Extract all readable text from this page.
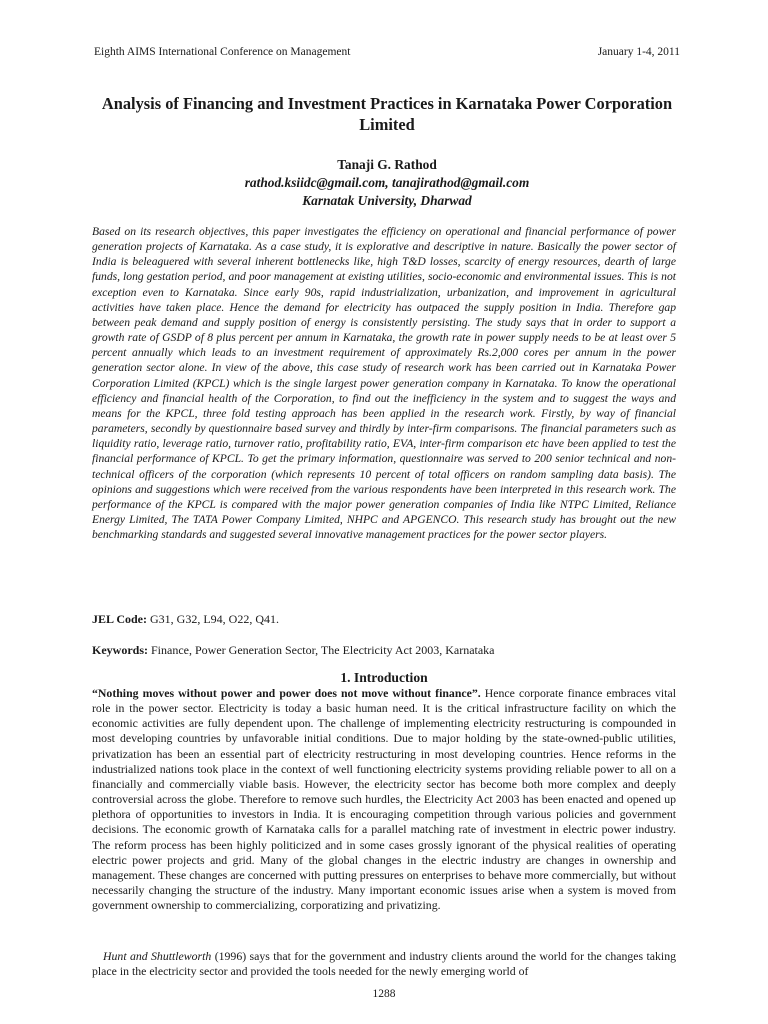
Eighth AIMS International Conference on Management	January 1-4, 2011
Analysis of Financing and Investment Practices in Karnataka Power Corporation Limited
Tanaji G. Rathod
rathod.ksiidc@gmail.com, tanajirathod@gmail.com
Karnatak University, Dharwad

Based on its research objectives, this paper investigates the efficiency on operational and financial performance of power generation projects of Karnataka. As a case study, it is explorative and descriptive in nature. Basically the power sector of India is beleaguered with several inherent bottlenecks like, high T&D losses, scarcity of energy resources, dearth of large funds, long gestation period, and poor management at existing utilities, socio-economic and environmental issues. This is not exception even to Karnataka. Since early 90s, rapid industrialization, urbanization, and improvement in agricultural activities have taken place. Hence the demand for electricity has outpaced the supply position in India. Therefore gap between peak demand and supply position of energy is consistently persisting. The study says that in order to support a growth rate of GSDP of 8 plus percent per annum in Karnataka, the growth rate in power supply needs to be at least over 5 percent annually which leads to an investment requirement of approximately Rs.2,000 cores per annum in the power generation sector alone. In view of the above, this case study of research work has been carried out in Karnataka Power Corporation Limited (KPCL) which is the single largest power generation company in Karnataka. To know the operational efficiency and financial health of the Corporation, to find out the inefficiency in the system and to suggest the ways and means for the KPCL, three fold testing approach has been applied in the research work. Firstly, by way of financial parameters, secondly by questionnaire based survey and thirdly by inter-firm comparisons. The financial parameters such as liquidity ratio, leverage ratio, turnover ratio, profitability ratio, EVA, inter-firm comparison etc have been applied to test the financial performance of KPCL. To get the primary information, questionnaire was served to 200 senior technical and non-technical officers of the corporation (which represents 10 percent of total officers on random sampling data basis). The opinions and suggestions which were received from the various respondents have been interpreted in this research work. The performance of the KPCL is compared with the major power generation companies of India like NTPC Limited, Reliance Energy Limited, The TATA Power Company Limited, NHPC and APGENCO. This research study has brought out the new benchmarking standards and suggested several innovative management practices for the power sector players.

JEL Code: G31, G32, L94, O22, Q41.

Keywords: Finance, Power Generation Sector, The Electricity Act 2003, Karnataka

1. Introduction

“Nothing moves without power and power does not move without finance”. Hence corporate finance embraces vital role in the power sector. Electricity is today a basic human need. It is the critical infrastructure facility on which the economic activities are fully dependent upon. The challenge of implementing electricity restructuring is compounded in most developing countries by unfavorable initial conditions. Due to major holding by the state-owned-public utilities, privatization has been an essential part of electricity restructuring in most developing countries. Hence reforms in the industrialized nations took place in the context of well functioning electricity systems providing reliable power to all on a financially and commercially viable basis. However, the electricity sector has become both more complex and deeply controversial across the globe. Therefore to remove such hurdles, the Electricity Act 2003 has been enacted and opened up plethora of opportunities to investors in India. It is encouraging competition through various policies and government decisions. The economic growth of Karnataka calls for a parallel matching rate of investment in electric power industry. The reform process has been highly politicized and in some cases grossly ignorant of the physical realities of operating electric power projects and grid. Many of the global changes in the electric industry are changes in ownership and management. These changes are concerned with putting pressures on enterprises to behave more commercially, but without necessarily changing the structure of the industry. Many important economic issues arise when a system is moved from government ownership to commercializing, corporatizing and privatizing.

Hunt and Shuttleworth (1996) says that for the government and industry clients around the world for the changes taking place in the electricity sector and provided the tools needed for the newly emerging world of

1288
